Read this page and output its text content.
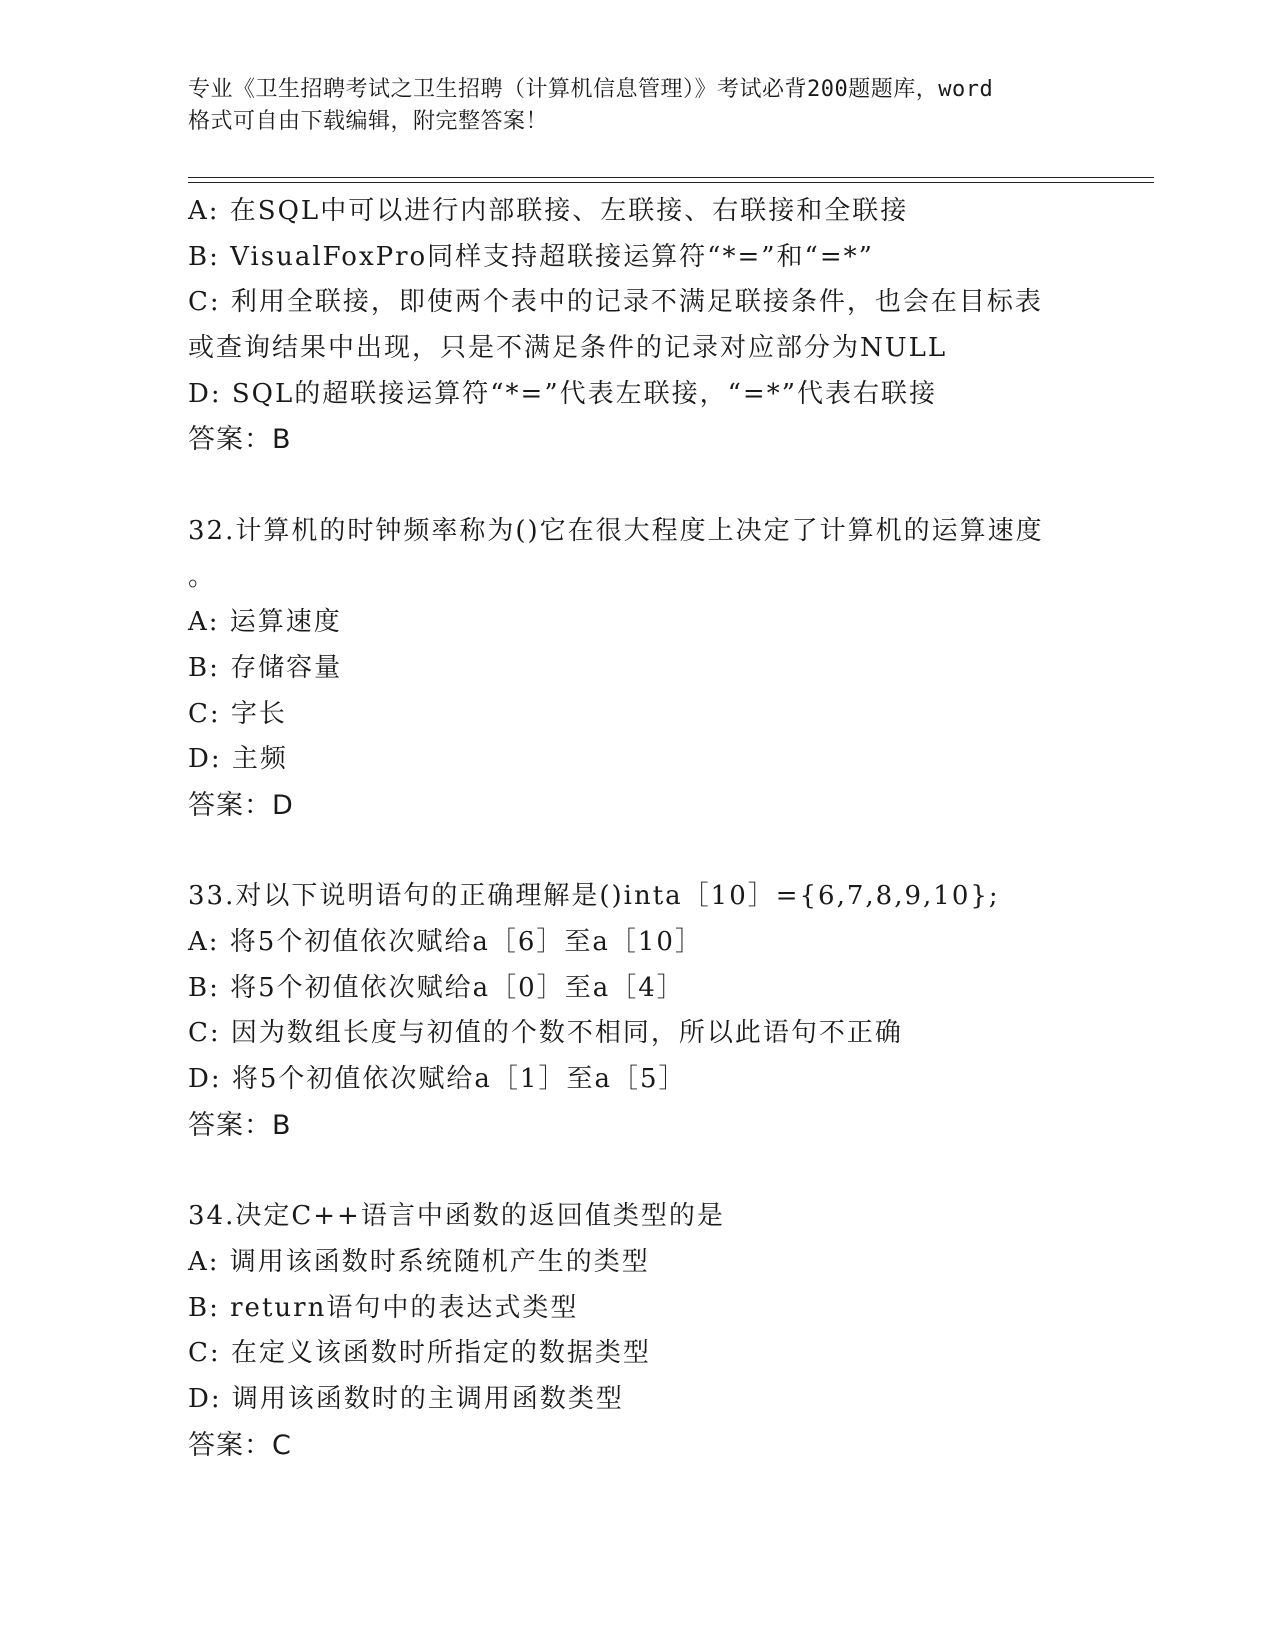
专业《卫生招聘考试之卫生招聘（计算机信息管理）》考试必背200题题库，word
格式可自由下载编辑，附完整答案！
A: 在SQL中可以进行内部联接、左联接、右联接和全联接
B: VisualFoxPro同样支持超联接运算符“*=”和“=*”
C: 利用全联接，即使两个表中的记录不满足联接条件，也会在目标表
或查询结果中出现，只是不满足条件的记录对应部分为NULL
D: SQL的超联接运算符“*=”代表左联接，“=*”代表右联接
答案：B
32.计算机的时钟频率称为()它在很大程度上决定了计算机的运算速度
。
A: 运算速度
B: 存储容量
C: 字长
D: 主频
答案：D
33.对以下说明语句的正确理解是()inta［10］={6,7,8,9,10};
A: 将5个初值依次赋给a［6］至a［10］
B: 将5个初值依次赋给a［0］至a［4］
C: 因为数组长度与初值的个数不相同，所以此语句不正确
D: 将5个初值依次赋给a［1］至a［5］
答案：B
34.决定C++语言中函数的返回值类型的是
A: 调用该函数时系统随机产生的类型
B: return语句中的表达式类型
C: 在定义该函数时所指定的数据类型
D: 调用该函数时的主调用函数类型
答案：C
